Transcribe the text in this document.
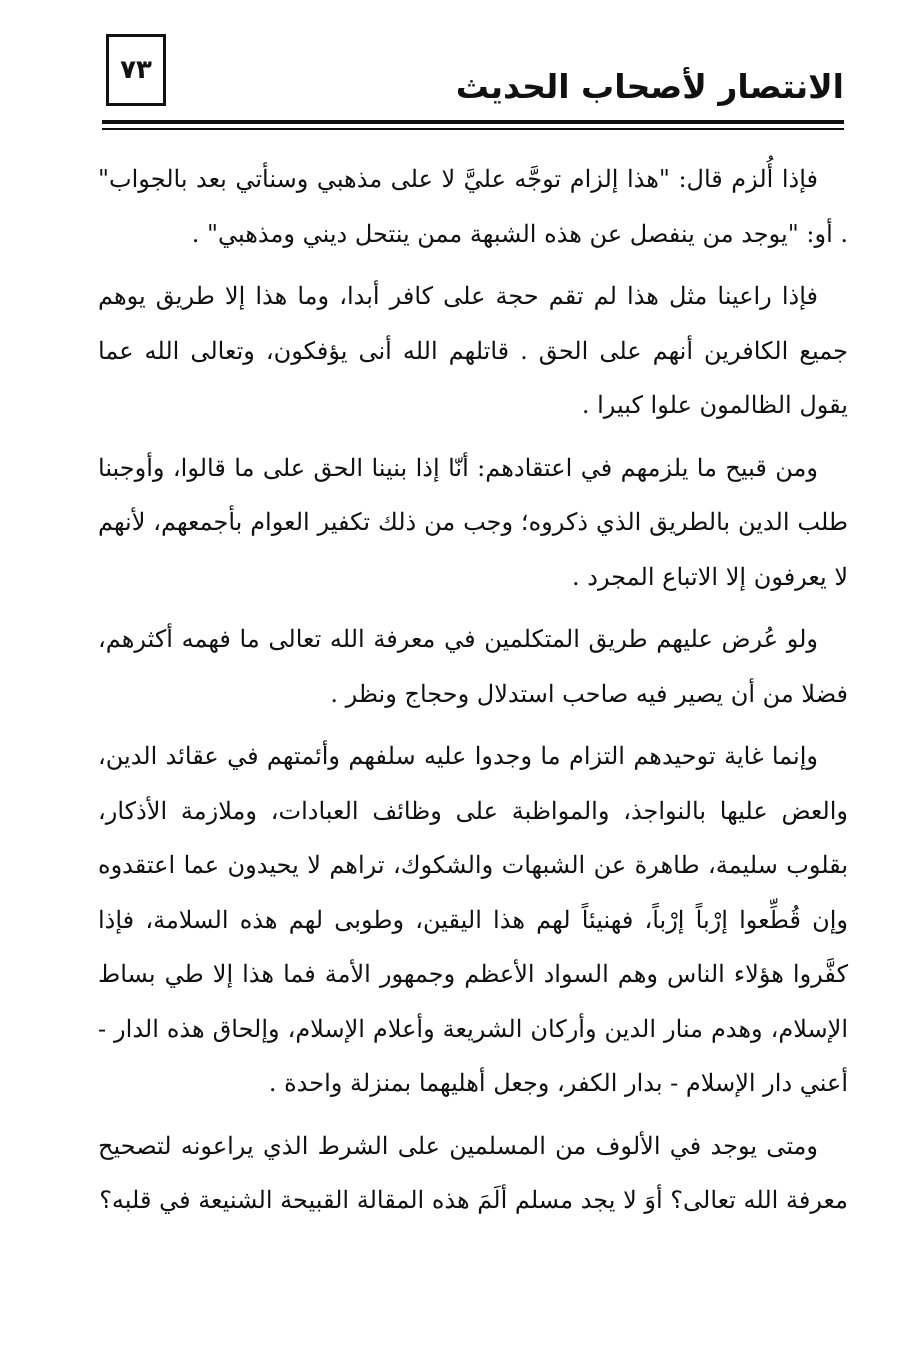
٧٣	الانتصار لأصحاب الحديث

فإذا أُلزم قال: "هذا إلزام توجَّه عليَّ لا على مذهبي وسنأتي بعد بالجواب" . أو: "يوجد من ينفصل عن هذه الشبهة ممن ينتحل ديني ومذهبي" .

فإذا راعينا مثل هذا لم تقم حجة على كافر أبدا، وما هذا إلا طريق يوهم جميع الكافرين أنهم على الحق . قاتلهم الله أنى يؤفكون، وتعالى الله عما يقول الظالمون علوا كبيرا .

ومن قبيح ما يلزمهم في اعتقادهم: أنّا إذا بنينا الحق على ما قالوا، وأوجبنا طلب الدين بالطريق الذي ذكروه؛ وجب من ذلك تكفير العوام بأجمعهم، لأنهم لا يعرفون إلا الاتباع المجرد .

ولو عُرض عليهم طريق المتكلمين في معرفة الله تعالى ما فهمه أكثرهم، فضلا من أن يصير فيه صاحب استدلال وحجاج ونظر .

وإنما غاية توحيدهم التزام ما وجدوا عليه سلفهم وأئمتهم في عقائد الدين، والعض عليها بالنواجذ، والمواظبة على وظائف العبادات، وملازمة الأذكار، بقلوب سليمة، طاهرة عن الشبهات والشكوك، تراهم لا يحيدون عما اعتقدوه وإن قُطِّعوا إرْباً إرْباً، فهنيئاً لهم هذا اليقين، وطوبى لهم هذه السلامة، فإذا كفَّروا هؤلاء الناس وهم السواد الأعظم وجمهور الأمة فما هذا إلا طي بساط الإسلام، وهدم منار الدين وأركان الشريعة وأعلام الإسلام، وإلحاق هذه الدار - أعني دار الإسلام - بدار الكفر، وجعل أهليهما بمنزلة واحدة .

ومتى يوجد في الألوف من المسلمين على الشرط الذي يراعونه لتصحيح معرفة الله تعالى؟ أوَ لا يجد مسلم ألَمَ هذه المقالة القبيحة الشنيعة في قلبه؟
